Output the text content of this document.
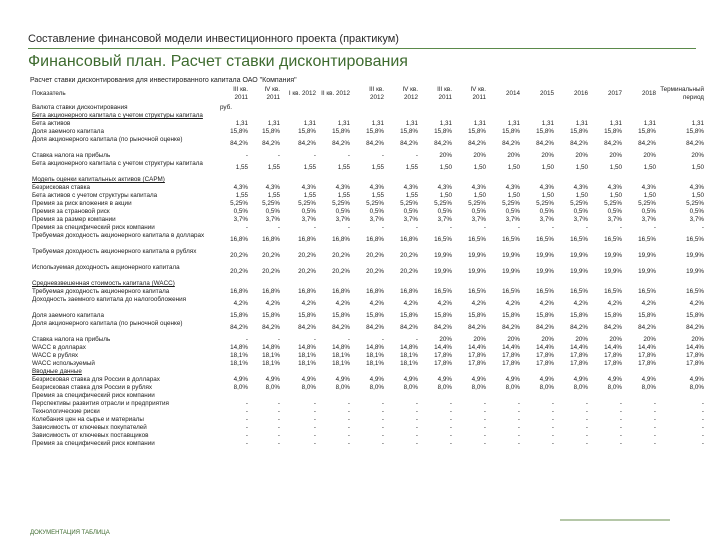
Составление финансовой модели инвестиционного проекта (практикум)
Финансовый план. Расчет ставки дисконтирования
Расчет ставки дисконтирования для инвестированного капитала ОАО "Компания"
Показатель	III кв. 2011	IV кв. 2011	I кв. 2012	II кв. 2012	III кв. 2012	IV кв. 2012	III кв. 2011	IV кв. 2011	2014	2015	2016	2017	2018	Терминальный период
Валюта ставки дисконтирования	руб.													
Бета акционерного капитала с учетом структуры капитала														
Бета активов	1,31	1,31	1,31	1,31	1,31	1,31	1,31	1,31	1,31	1,31	1,31	1,31	1,31	1,31
Доля заемного капитала	15,8%	15,8%	15,8%	15,8%	15,8%	15,8%	15,8%	15,8%	15,8%	15,8%	15,8%	15,8%	15,8%	15,8%
Доля акционерного капитала (по рыночной оценке)	84,2%	84,2%	84,2%	84,2%	84,2%	84,2%	84,2%	84,2%	84,2%	84,2%	84,2%	84,2%	84,2%	84,2%
Ставка налога на прибыль	-	-	-	-	-	-	20%	20%	20%	20%	20%	20%	20%	20%
Бета акционерного капитала с учетом структуры капитала	1,55	1,55	1,55	1,55	1,55	1,55	1,50	1,50	1,50	1,50	1,50	1,50	1,50	1,50
Модель оценки капитальных активов (CAPM)														
Безрисковая ставка	4,3%	4,3%	4,3%	4,3%	4,3%	4,3%	4,3%	4,3%	4,3%	4,3%	4,3%	4,3%	4,3%	4,3%
Бета активов с учетом структуры капитала	1,55	1,55	1,55	1,55	1,55	1,55	1,50	1,50	1,50	1,50	1,50	1,50	1,50	1,50
Премия за риск вложения в акции	5,25%	5,25%	5,25%	5,25%	5,25%	5,25%	5,25%	5,25%	5,25%	5,25%	5,25%	5,25%	5,25%	5,25%
Премия за страновой риск	0,5%	0,5%	0,5%	0,5%	0,5%	0,5%	0,5%	0,5%	0,5%	0,5%	0,5%	0,5%	0,5%	0,5%
Премия за размер компании	3,7%	3,7%	3,7%	3,7%	3,7%	3,7%	3,7%	3,7%	3,7%	3,7%	3,7%	3,7%	3,7%	3,7%
Премия за специфический риск компании	-	-	-	-	-	-	-	-	-	-	-	-	-	-
Требуемая доходность акционерного капитала в долларах	16,8%	16,8%	16,8%	16,8%	16,8%	16,8%	16,5%	16,5%	16,5%	16,5%	16,5%	16,5%	16,5%	16,5%
Требуемая доходность акционерного капитала в рублях	20,2%	20,2%	20,2%	20,2%	20,2%	20,2%	19,9%	19,9%	19,9%	19,9%	19,9%	19,9%	19,9%	19,9%
Используемая доходность акционерного капитала	20,2%	20,2%	20,2%	20,2%	20,2%	20,2%	19,9%	19,9%	19,9%	19,9%	19,9%	19,9%	19,9%	19,9%
Средневзвешенная стоимость капитала (WACC)														
Требуемая доходность акционерного капитала	16,8%	16,8%	16,8%	16,8%	16,8%	16,8%	16,5%	16,5%	16,5%	16,5%	16,5%	16,5%	16,5%	16,5%
Доходность заемного капитала до налогообложения	4,2%	4,2%	4,2%	4,2%	4,2%	4,2%	4,2%	4,2%	4,2%	4,2%	4,2%	4,2%	4,2%	4,2%
Доля заемного капитала	15,8%	15,8%	15,8%	15,8%	15,8%	15,8%	15,8%	15,8%	15,8%	15,8%	15,8%	15,8%	15,8%	15,8%
Доля акционерного капитала (по рыночной оценке)	84,2%	84,2%	84,2%	84,2%	84,2%	84,2%	84,2%	84,2%	84,2%	84,2%	84,2%	84,2%	84,2%	84,2%
Ставка налога на прибыль	-	-	-	-	-	-	20%	20%	20%	20%	20%	20%	20%	20%
WACC в долларах	14,8%	14,8%	14,8%	14,8%	14,8%	14,8%	14,4%	14,4%	14,4%	14,4%	14,4%	14,4%	14,4%	14,4%
WACC в рублях	18,1%	18,1%	18,1%	18,1%	18,1%	18,1%	17,8%	17,8%	17,8%	17,8%	17,8%	17,8%	17,8%	17,8%
WACC используемый	18,1%	18,1%	18,1%	18,1%	18,1%	18,1%	17,8%	17,8%	17,8%	17,8%	17,8%	17,8%	17,8%	17,8%
Вводные данные														
Безрисковая ставка для России в долларах	4,9%	4,9%	4,9%	4,9%	4,9%	4,9%	4,9%	4,9%	4,9%	4,9%	4,9%	4,9%	4,9%	4,9%
Безрисковая ставка для России в рублях	8,0%	8,0%	8,0%	8,0%	8,0%	8,0%	8,0%	8,0%	8,0%	8,0%	8,0%	8,0%	8,0%	8,0%
Премия за специфический риск компании														
Перспективы развития отрасли и предприятия	-	-	-	-	-	-	-	-	-	-	-	-	-	-
Технологические риски	-	-	-	-	-	-	-	-	-	-	-	-	-	-
Колебания цен на сырье и материалы	-	-	-	-	-	-	-	-	-	-	-	-	-	-
Зависимость от ключевых покупателей	-	-	-	-	-	-	-	-	-	-	-	-	-	-
Зависимость от ключевых поставщиков	-	-	-	-	-	-	-	-	-	-	-	-	-	-
Премия за специфический риск компании	-	-	-	-	-	-	-	-	-	-	-	-	-	-
ДОКУМЕНТАЦИЯ ТАБЛИЦА
